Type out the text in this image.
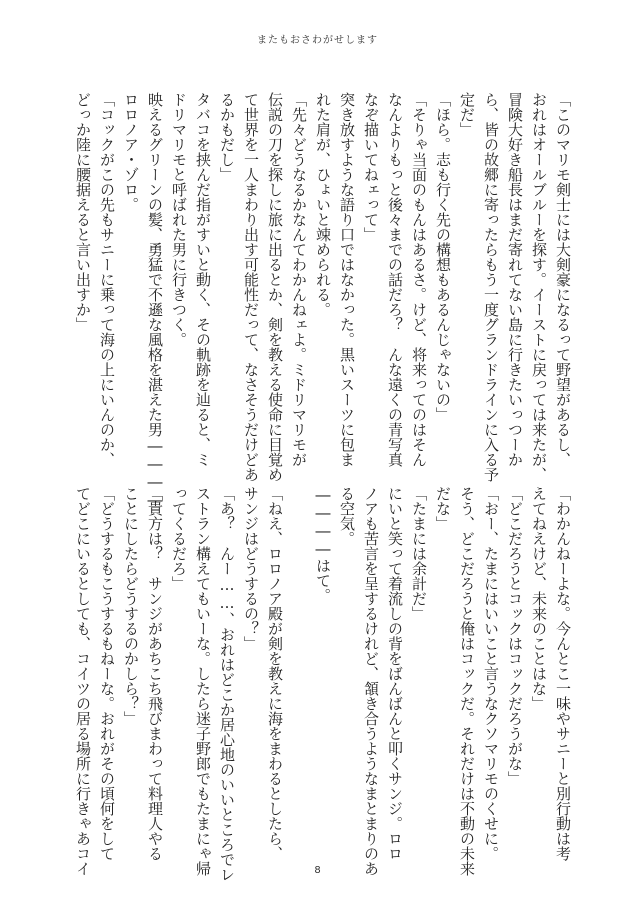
またもおさわがせします

「このマリモ剣士には大剣豪になるって野望があるし、

おれはオールブルーを探す。イーストに戻っては来たが、

冒険大好き船長はまだ寄れてない島に行きたいっつーか

ら、皆の故郷に寄ったらもう一度グランドラインに入る予

定だ」

「ほら。志も行く先の構想もあるんじゃないの」

「そりゃ当面のもんはあるさ。けど、将来ってのはそん

なんよりもっと後々までの話だろ？　んな遠くの青写真

なぞ描いてねェって」

突き放すような語り口ではなかった。黒いスーツに包ま

れた肩が、ひょいと竦められる。

「先々どうなるかなんてわかんねェよ。ミドリマリモが

伝説の刀を探しに旅に出るとか、剣を教える使命に目覚め

て世界を一人まわり出す可能性だって、なさそうだけどあ

るかもだし」

タバコを挟んだ指がすいと動く、その軌跡を辿ると、ミ

ドリマリモと呼ばれた男に行きつく。

映えるグリーンの髪、勇猛で不遜な風格を湛えた男――――

ロロノア・ゾロ。

「コックがこの先もサニーに乗って海の上にいんのか、

どっか陸に腰据えると言い出すか」

「わかんねーよな。今んとこ一味やサニーと別行動は考

えてねえけど、未来のことはな」

「どこだろうとコックはコックだろうがな」

「おー、たまにはいいこと言うなクソマリモのくせに。

そう、どこだろうと俺はコックだ。それだけは不動の未来

だな」

「たまには余計だ」

にいと笑って着流しの背をばんばんと叩くサンジ。ロロ

ノアも苦言を呈するけれど、頷き合うようなまとまりのあ

る空気。

――――はて。

「ねえ、ロロノア殿が剣を教えに海をまわるとしたら、

サンジはどうするの？」

「あ？　んー……、おれはどこか居心地のいいところでレ

ストラン構えてもいーな。したら迷子野郎でもたまにゃ帰

ってくるだろ」

「貴方は？　サンジがあちこち飛びまわって料理人やる

ことにしたらどうするのかしら？」

「どうするもこうするもねーな。おれがその頃何をして

てどこにいるとしても、コイツの居る場所に行きゃあコイ	8
